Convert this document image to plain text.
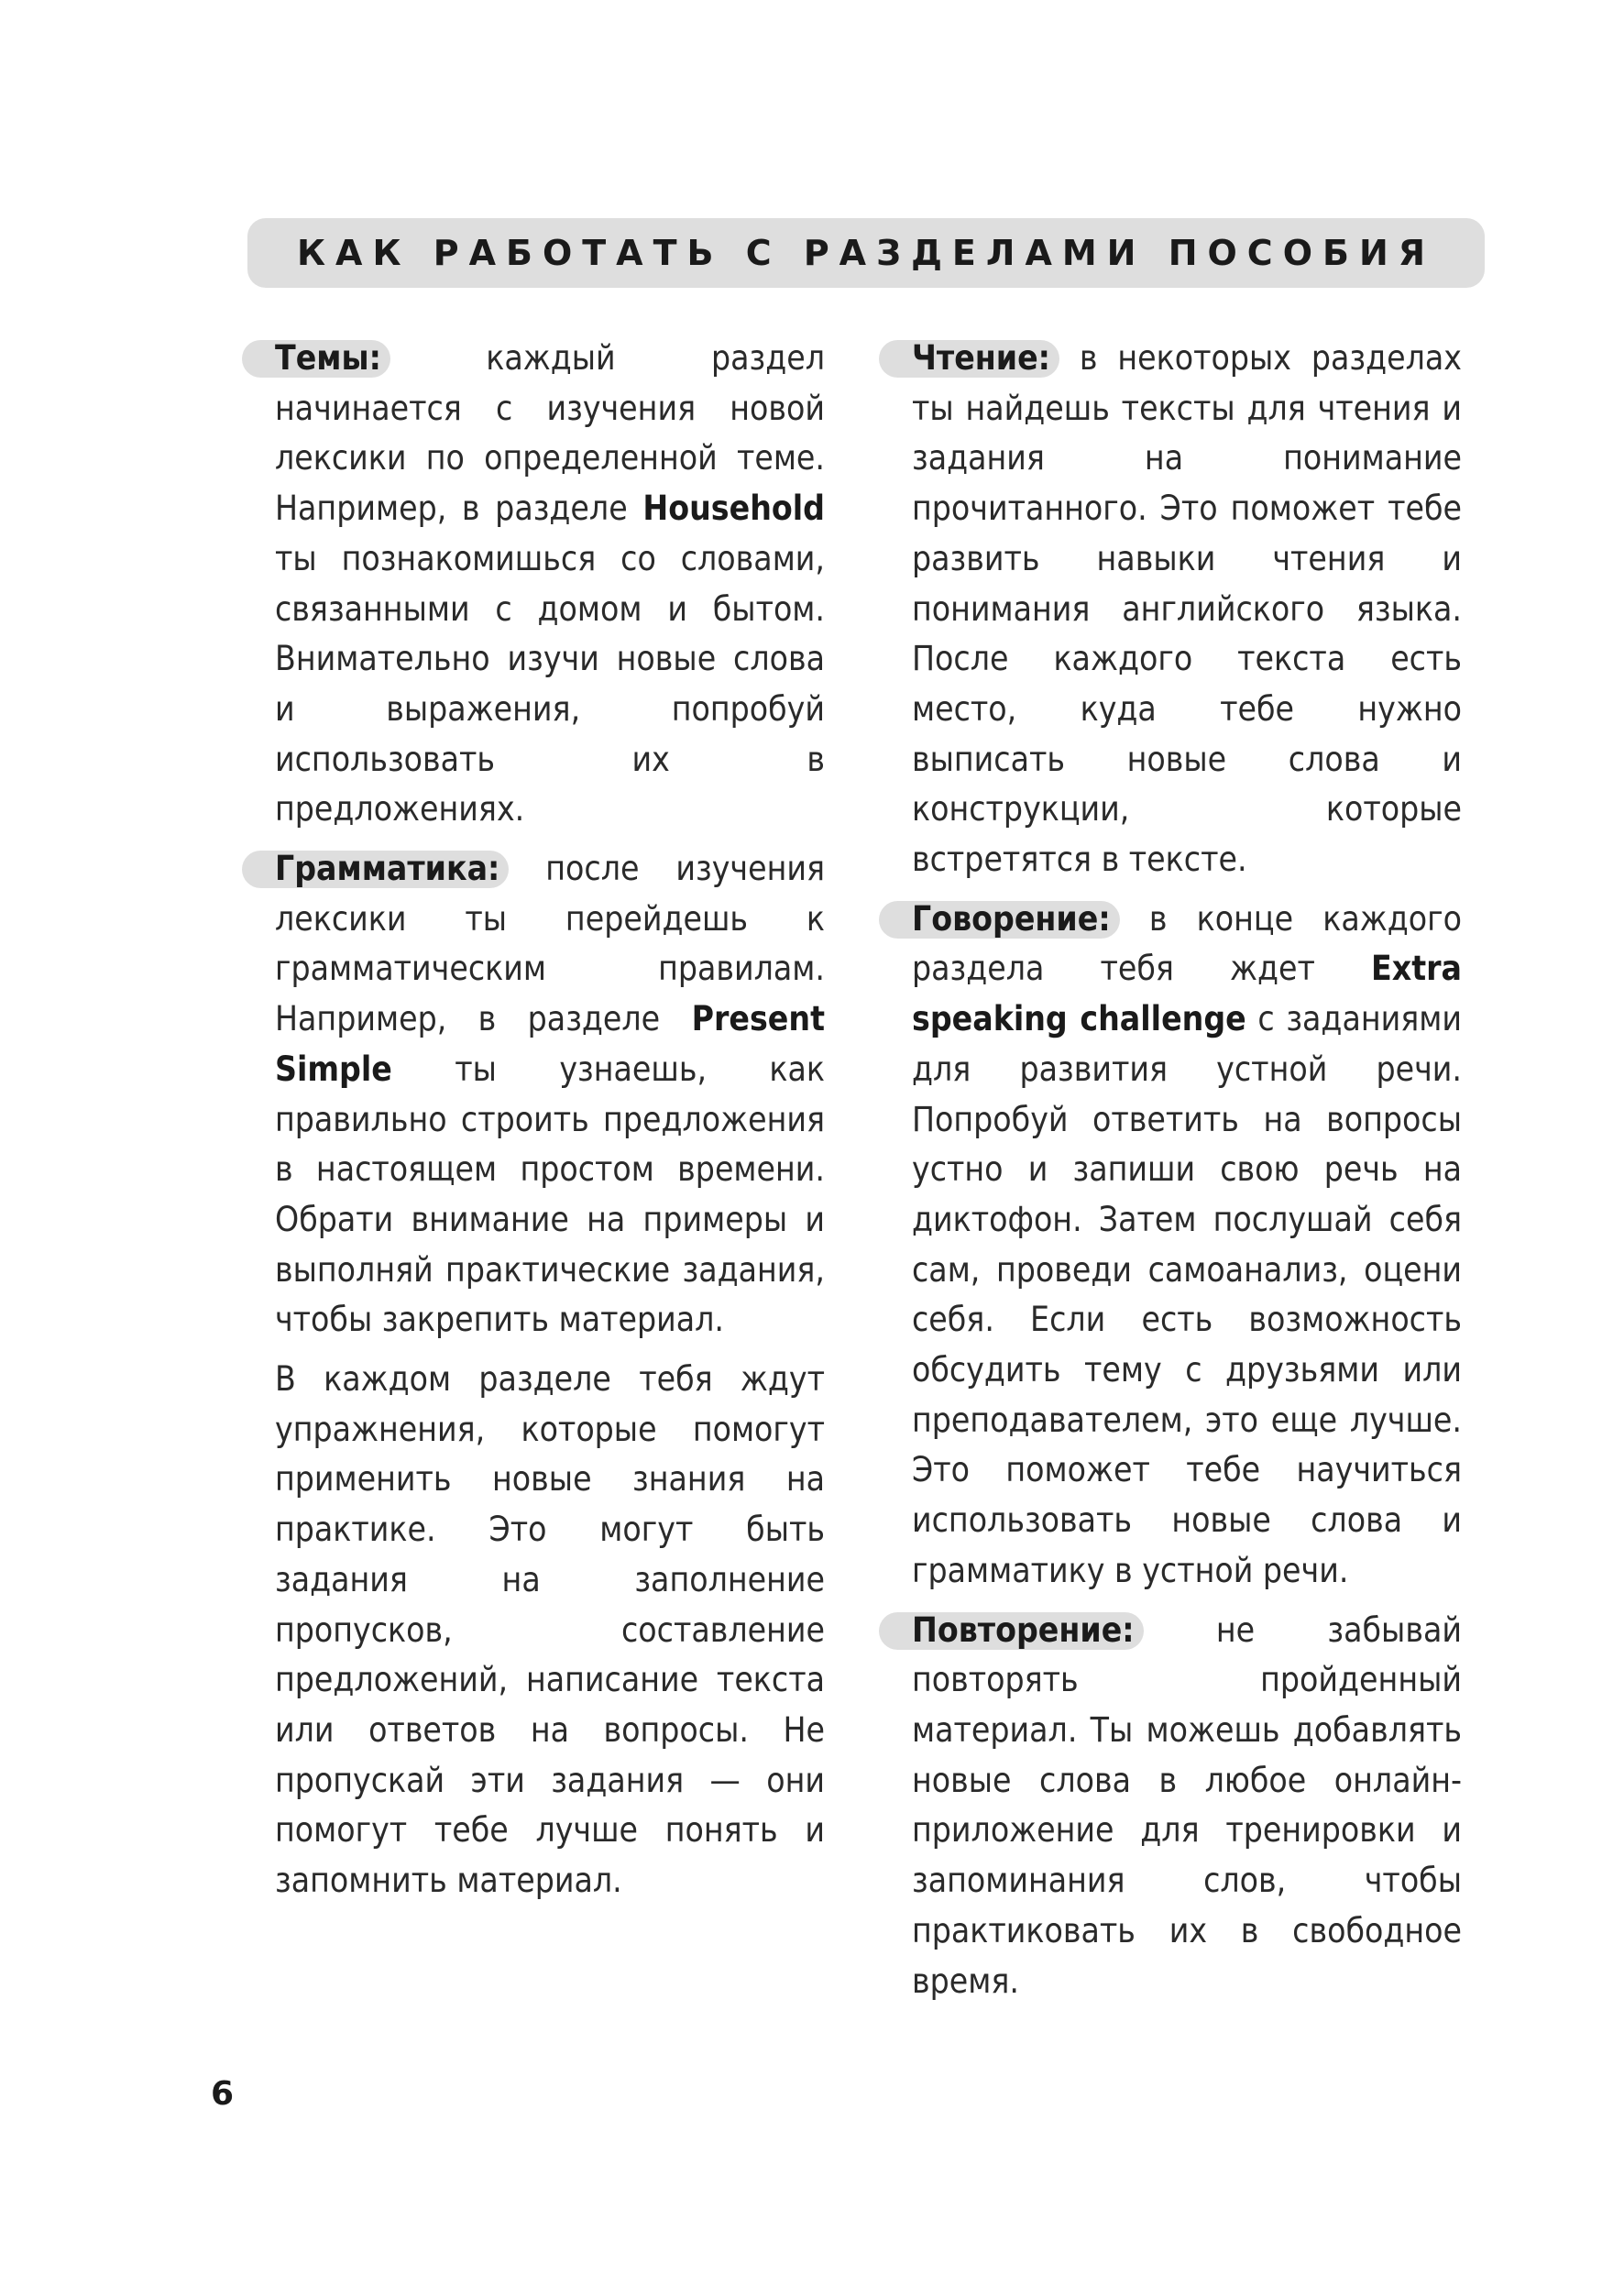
КАК РАБОТАТЬ С РАЗДЕЛАМИ ПОСОБИЯ

Темы:	каждый раздел начинается с изучения новой лексики по определенной теме. Например, в разделе Household ты познакомишься со словами, связанными с домом и бытом. Внимательно изучи новые слова и выражения, попробуй использовать их в предложениях.

Грамматика: после изучения лексики ты перейдешь к грамматическим правилам. Например, в разделе Present Simple ты узнаешь, как правильно строить предложения в настоящем простом времени. Обрати внимание на примеры и выполняй практические задания, чтобы закрепить материал.

В каждом разделе тебя ждут упражнения, которые помогут применить новые знания на практике. Это могут быть задания на заполнение пропусков, составление предложений, написание текста или ответов на вопросы. Не пропускай эти задания — они помогут тебе лучше понять и запомнить материал.

Чтение: в некоторых разделах ты найдешь тексты для чтения и задания на понимание прочитанного. Это поможет тебе развить навыки чтения и понимания английского языка. После каждого текста есть место, куда тебе нужно выписать новые слова и конструкции, которые встретятся в тексте.

Говорение: в конце каждого раздела тебя ждет Extra speaking challenge с заданиями для развития устной речи. Попробуй ответить на вопросы устно и запиши свою речь на диктофон. Затем послушай себя сам, проведи самоанализ, оцени себя. Если есть возможность обсудить тему с друзьями или преподавателем, это еще лучше. Это поможет тебе научиться использовать новые слова и грамматику в устной речи.

Повторение: не забывай повторять пройденный материал. Ты можешь добавлять новые слова в любое онлайн-приложение для тренировки и запоминания слов, чтобы практиковать их в свободное время.

6
